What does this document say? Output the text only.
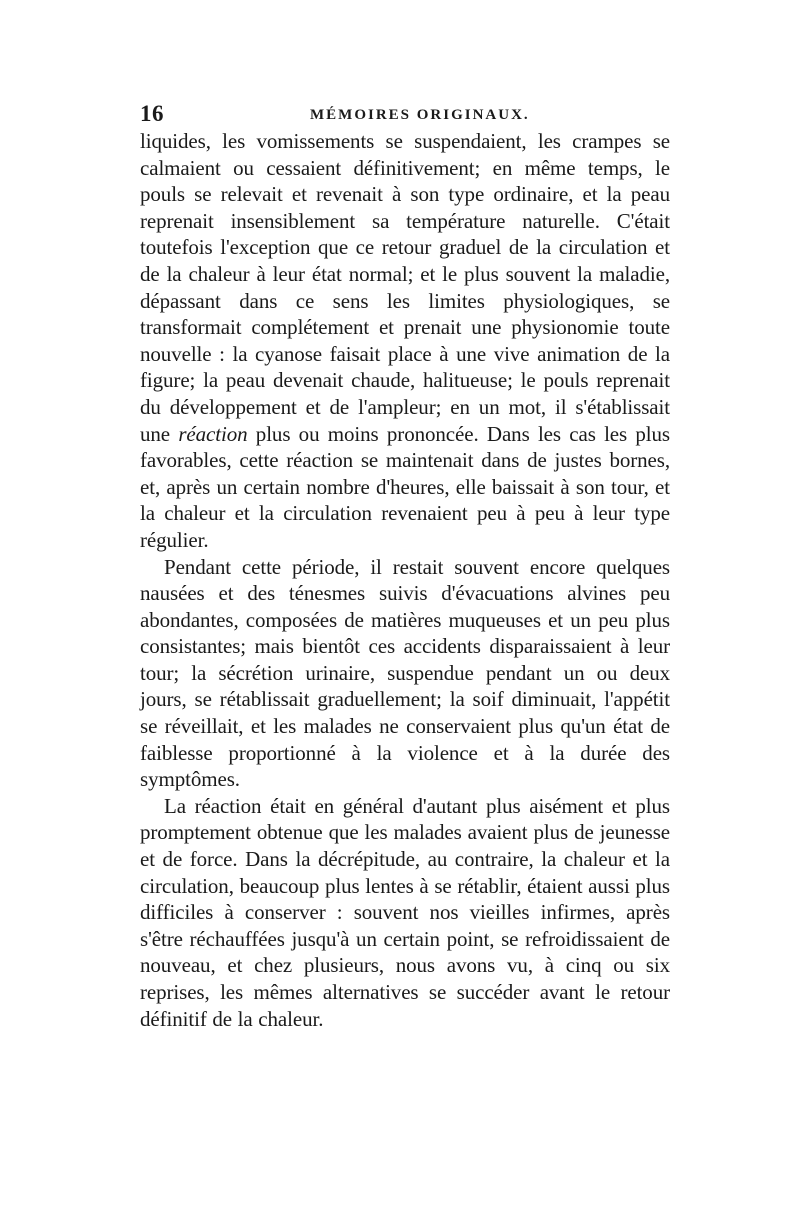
16	MÉMOIRES ORIGINAUX.

liquides, les vomissements se suspendaient, les crampes se calmaient ou cessaient définitivement; en même temps, le pouls se relevait et revenait à son type ordinaire, et la peau reprenait insensiblement sa température naturelle. C'était toutefois l'exception que ce retour graduel de la circulation et de la chaleur à leur état normal; et le plus souvent la maladie, dépassant dans ce sens les limites physiologiques, se transformait complétement et prenait une physionomie toute nouvelle : la cyanose faisait place à une vive animation de la figure; la peau devenait chaude, halitueuse; le pouls reprenait du développement et de l'ampleur; en un mot, il s'établissait une réaction plus ou moins prononcée. Dans les cas les plus favorables, cette réaction se maintenait dans de justes bornes, et, après un certain nombre d'heures, elle baissait à son tour, et la chaleur et la circulation revenaient peu à peu à leur type régulier.

Pendant cette période, il restait souvent encore quelques nausées et des ténesmes suivis d'évacuations alvines peu abondantes, composées de matières muqueuses et un peu plus consistantes; mais bientôt ces accidents disparaissaient à leur tour; la sécrétion urinaire, suspendue pendant un ou deux jours, se rétablissait graduellement; la soif diminuait, l'appétit se réveillait, et les malades ne conservaient plus qu'un état de faiblesse proportionné à la violence et à la durée des symptômes.

La réaction était en général d'autant plus aisément et plus promptement obtenue que les malades avaient plus de jeunesse et de force. Dans la décrépitude, au contraire, la chaleur et la circulation, beaucoup plus lentes à se rétablir, étaient aussi plus difficiles à conserver : souvent nos vieilles infirmes, après s'être réchauffées jusqu'à un certain point, se refroidissaient de nouveau, et chez plusieurs, nous avons vu, à cinq ou six reprises, les mêmes alternatives se succéder avant le retour définitif de la chaleur.
